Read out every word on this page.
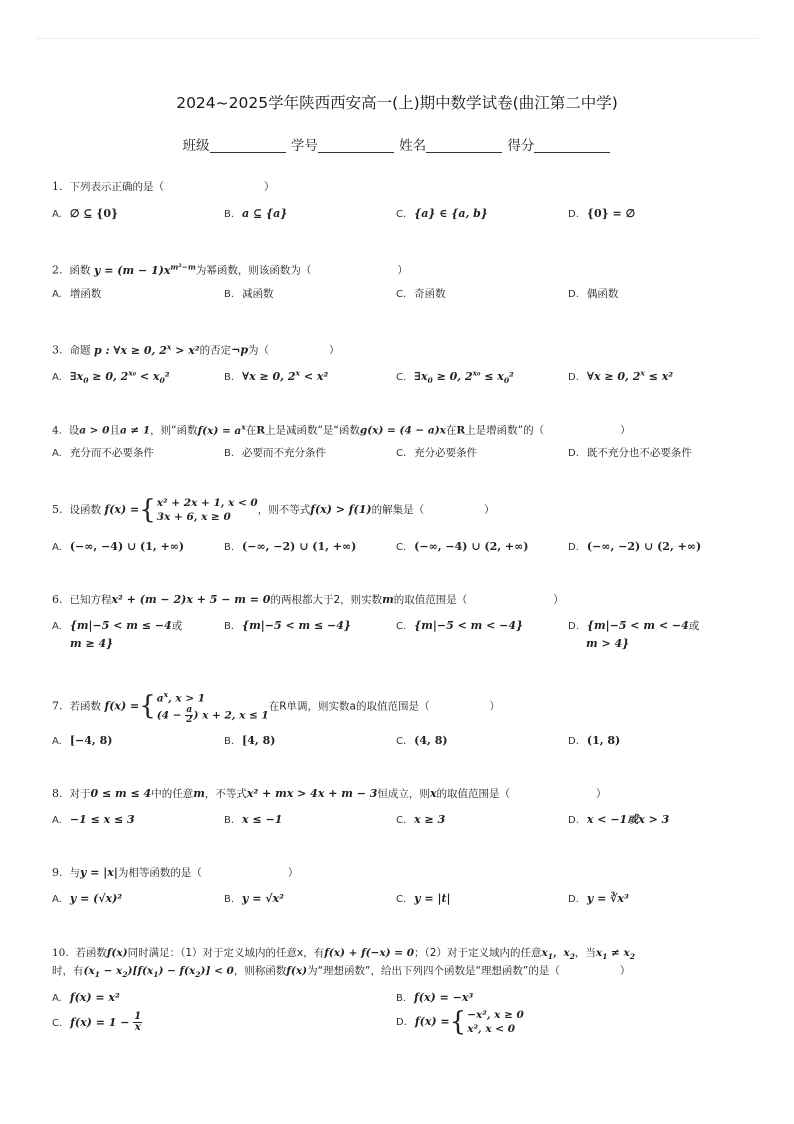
2024~2025学年陕西西安高一(上)期中数学试卷(曲江第二中学)
班级	学号	姓名	得分
1. 下列表示正确的是（	）
A. ∅ ⊆ {0}	B. a ⊆ {a}	C. {a} ∈ {a, b}	D. {0} = ∅
2. 函数 $y = (m - 1)x^{m^2-m}$为幂函数，则该函数为（	）
A. 增函数	B. 减函数	C. 奇函数	D. 偶函数
3. 命题 p : ∀x ≥ 0, $2^x > x^2$的否定¬p为（	）
A. $\exists x_0 \ge 0$, $2^{x_0} < x_0^2$	B. ∀x ≥ 0, $2^x < x^2$	C. $\exists x_0 \ge 0$, $2^{x_0} \le x_0^2$	D. ∀x ≥ 0, $2^x \le x^2$
4. 设a > 0且a ≠ 1，则“函数$f(x) = a^x$在R上是减函数”是“函数g(x) = (4 − a)x在R上是增函数”的（	）
A. 充分而不必要条件	B. 必要而不充分条件	C. 充分必要条件	D. 既不充分也不必要条件
5. 设函数 f(x) ={ x² + 2x + 1, x < 0
3x + 6, x ≥ 0
，则不等式f(x) > f(1)的解集是（	）
A. (−∞, −4) ∪ (1, +∞)	B. (−∞, −2) ∪ (1, +∞)	C. (−∞, −4) ∪ (2, +∞)	D. (−∞, −2) ∪ (2, +∞)
6. 已知方程x² + (m − 2)x + 5 − m = 0的两根都大于2，则实数m的取值范围是（	）
A. {m|−5 < m ≤ −4或
m ≥ 4}
B. {m|−5 < m ≤ −4}	C. {m|−5 < m < −4}	D. {m|−5 < m < −4或
m > 4}
7. 若函数 f(x) ={ $a^x$, x > 1
($4 - \frac{a}{2}$ ) x + 2, x ≤ 1
在R单调，则实数a的取值范围是（	）
A. [−4, 8)	B. [4, 8)	C. (4, 8)	D. (1, 8)
8. 对于0 ≤ m ≤ 4中的任意m，不等式x² + mx > 4x + m − 3恒成立，则x的取值范围是（	）
A. −1 ≤ x ≤ 3	B. x ≤ −1	C. x ≥ 3	D. x < −1或x > 3
9. 与y = |x|为相等函数的是（	）
A. y = (√x)²	B. y = √x²	C. y = |t|	D. y = ∛x³
10. 若函数f(x)同时满足：（1）对于定义域内的任意x，有f(x) + f(−x) = 0；（2）对于定义域内的任意$x_1$，$x_2$，当$x_1 \ne x_2$
时，有$(x_1 - x_2)[f(x_1) - f(x_2)] < 0$，则称函数f(x)为“理想函数”，给出下列四个函数是“理想函数”的是（	）
A. f(x) = x²	B. f(x) = −x³
C. $f(x) = 1 - \frac{1}{x}$	D. f(x) ={ −x², x ≥ 0
x², x < 0
